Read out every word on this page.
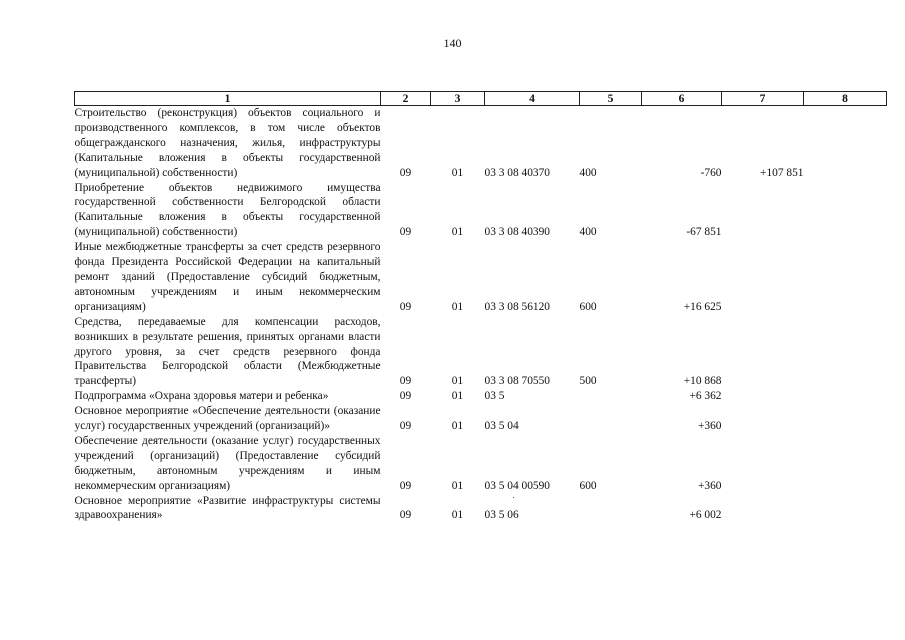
140
1	2	3	4	5	6	7	8

Строительство (реконструкция) объектов социального и производственного комплексов, в том числе объектов общегражданского назначения, жилья, инфраструктуры (Капитальные вложения в объекты государственной (муниципальной) собственности)	09	01	03 3 08 40370	400	-760	+107 851	

Приобретение объектов недвижимого имущества государственной собственности Белгородской области (Капитальные вложения в объекты государственной (муниципальной) собственности)	09	01	03 3 08 40390	400	-67 851		

Иные межбюджетные трансферты за счет средств резервного фонда Президента Российской Федерации на капитальный ремонт зданий (Предоставление субсидий бюджетным, автономным учреждениям и иным некоммерческим организациям)	09	01	03 3 08 56120	600	+16 625		

Средства, передаваемые для компенсации расходов, возникших в результате решения, принятых органами власти другого уровня, за счет средств резервного фонда Правительства Белгородской области (Межбюджетные трансферты)	09	01	03 3 08 70550	500	+10 868		

Подпрограмма «Охрана здоровья матери и ребенка»	09	01	03 5		+6 362		

Основное мероприятие «Обеспечение деятельности (оказание услуг) государственных учреждений (организаций)»	09	01	03 5 04		+360		

Обеспечение деятельности (оказание услуг) государственных учреждений (организаций) (Предоставление субсидий бюджетным, автономным учреждениям и иным некоммерческим организациям)	09	01	03 5 04 00590	600	+360		

Основное мероприятие «Развитие инфраструктуры системы здравоохранения»	09	01	03 5 06		+6 002		
